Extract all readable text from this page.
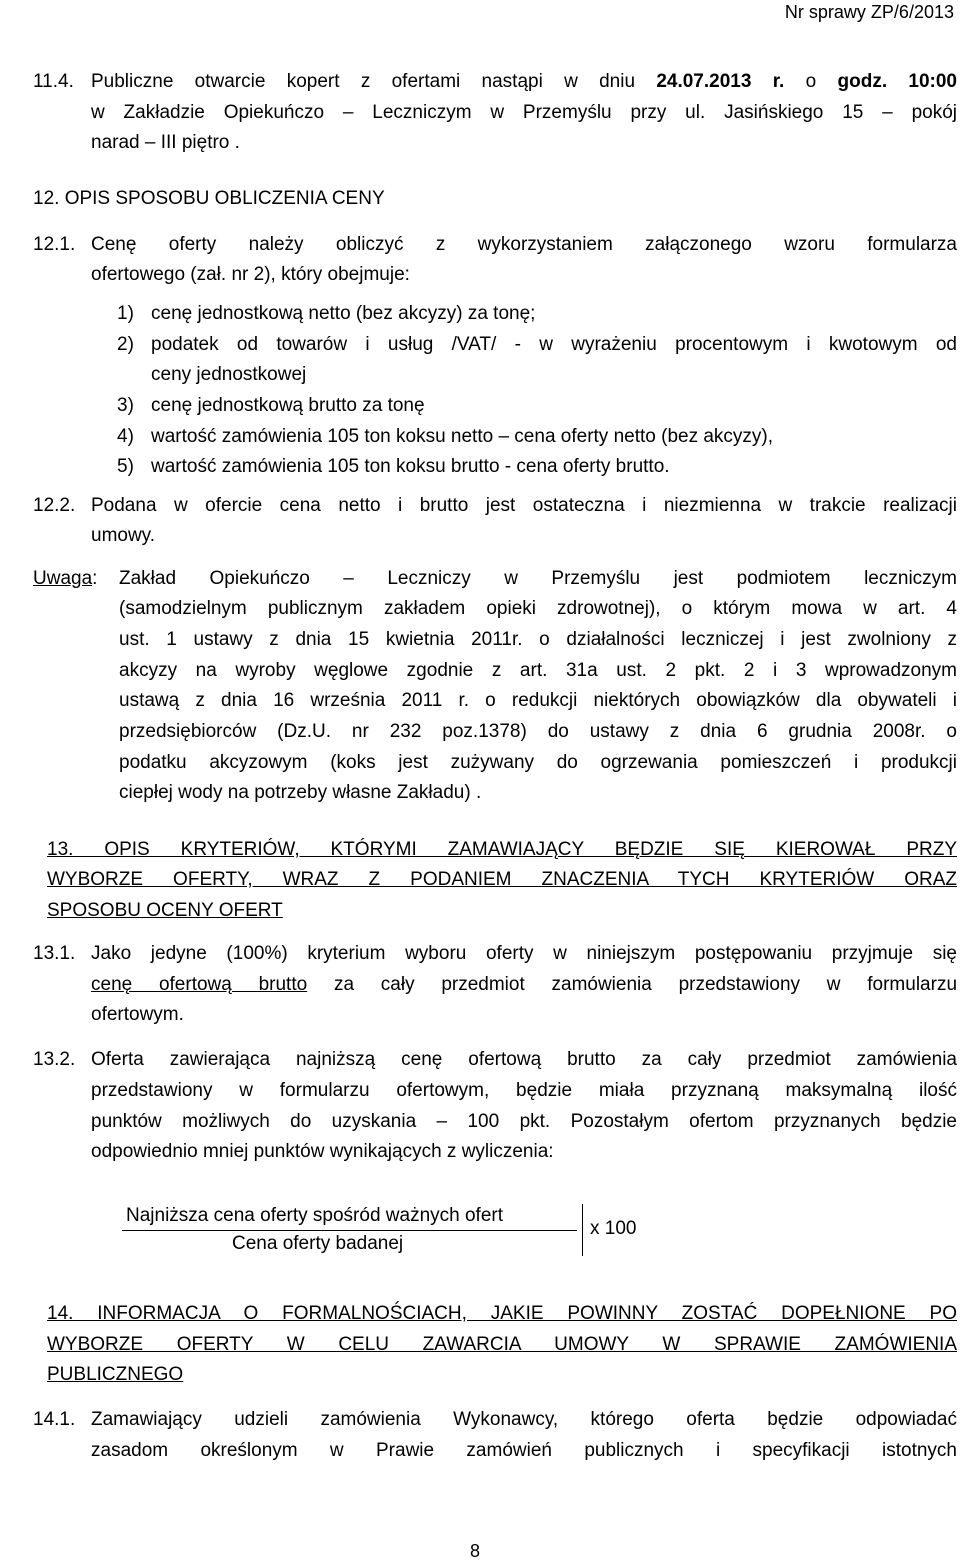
Nr sprawy ZP/6/2013
11.4. Publiczne otwarcie kopert z ofertami nastąpi w dniu 24.07.2013 r. o godz. 10:00
w Zakładzie Opiekuńczo – Leczniczym w Przemyślu przy ul. Jasińskiego 15 – pokój
narad – III piętro .
12. OPIS SPOSOBU OBLICZENIA CENY
12.1. Cenę oferty należy obliczyć z wykorzystaniem załączonego wzoru formularza
ofertowego (zał. nr 2), który obejmuje:
1) cenę jednostkową netto (bez akcyzy) za tonę;
2) podatek od towarów i usług /VAT/ - w wyrażeniu procentowym i kwotowym od
ceny jednostkowej
3) cenę jednostkową brutto za tonę
4) wartość zamówienia 105 ton koksu netto – cena oferty netto (bez akcyzy),
5) wartość zamówienia 105 ton koksu brutto - cena oferty brutto.
12.2. Podana w ofercie cena netto i brutto jest ostateczna i niezmienna w trakcie realizacji
umowy.
Uwaga: Zakład Opiekuńczo – Leczniczy w Przemyślu jest podmiotem leczniczym
(samodzielnym publicznym zakładem opieki zdrowotnej), o którym mowa w art. 4
ust. 1 ustawy z dnia 15 kwietnia 2011r. o działalności leczniczej i jest zwolniony z
akcyzy na wyroby węglowe zgodnie z art. 31a ust. 2 pkt. 2 i 3 wprowadzonym
ustawą z dnia 16 września 2011 r. o redukcji niektórych obowiązków dla obywateli i
przedsiębiorców (Dz.U. nr 232 poz.1378) do ustawy z dnia 6 grudnia 2008r. o
podatku akcyzowym (koks jest zużywany do ogrzewania pomieszczeń i produkcji
ciepłej wody na potrzeby własne Zakładu) .
13. OPIS KRYTERIÓW, KTÓRYMI ZAMAWIAJĄCY BĘDZIE SIĘ KIEROWAŁ PRZY
WYBORZE OFERTY, WRAZ Z PODANIEM ZNACZENIA TYCH KRYTERIÓW ORAZ
SPOSOBU OCENY OFERT
13.1. Jako jedyne (100%) kryterium wyboru oferty w niniejszym postępowaniu przyjmuje się
cenę ofertową brutto za cały przedmiot zamówienia przedstawiony w formularzu
ofertowym.
13.2. Oferta zawierająca najniższą cenę ofertową brutto za cały przedmiot zamówienia
przedstawiony w formularzu ofertowym, będzie miała przyznaną maksymalną ilość
punktów możliwych do uzyskania – 100 pkt. Pozostałym ofertom przyznanych będzie
odpowiednio mniej punktów wynikających z wyliczenia:
Najniższa cena oferty spośród ważnych ofert
Cena oferty badanej
x 100
14. INFORMACJA O FORMALNOŚCIACH, JAKIE POWINNY ZOSTAĆ DOPEŁNIONE PO
WYBORZE OFERTY W CELU ZAWARCIA UMOWY W SPRAWIE ZAMÓWIENIA
PUBLICZNEGO
14.1. Zamawiający udzieli zamówienia Wykonawcy, którego oferta będzie odpowiadać
zasadom określonym w Prawie zamówień publicznych i specyfikacji istotnych
8
